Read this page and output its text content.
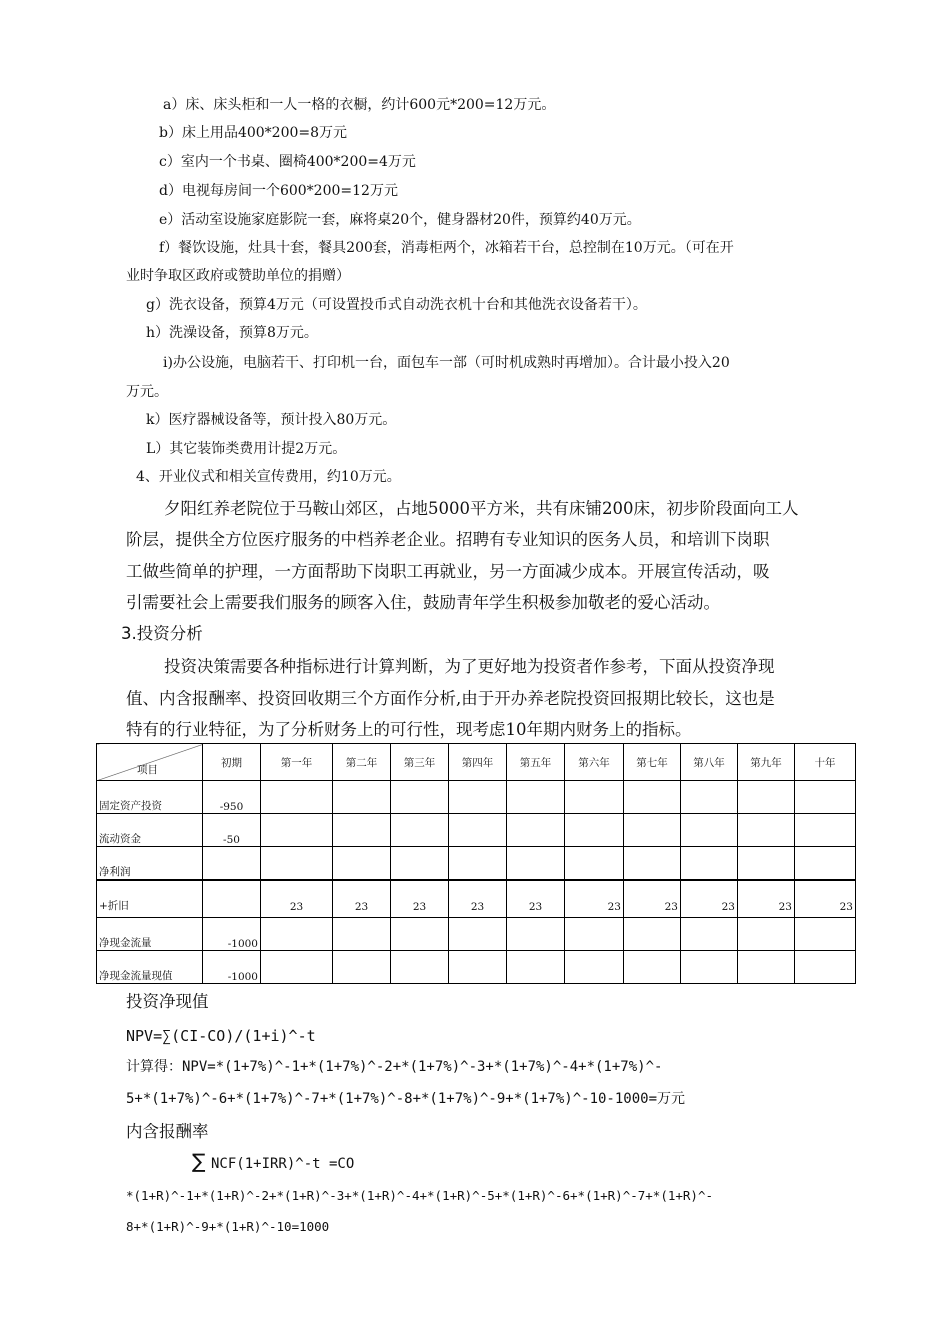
a）床、床头柜和一人一格的衣橱，约计600元*200=12万元。
b）床上用品400*200=8万元
c）室内一个书桌、圈椅400*200=4万元
d）电视每房间一个600*200=12万元
e）活动室设施家庭影院一套，麻将桌20个，健身器材20件，预算约40万元。
f）餐饮设施，灶具十套，餐具200套，消毒柜两个，冰箱若干台，总控制在10万元。（可在开
业时争取区政府或赞助单位的捐赠）
g）洗衣设备，预算4万元（可设置投币式自动洗衣机十台和其他洗衣设备若干）。
h）洗澡设备，预算8万元。
i)办公设施，电脑若干、打印机一台，面包车一部（可时机成熟时再增加）。合计最小投入20
万元。
k）医疗器械设备等，预计投入80万元。
L）其它装饰类费用计提2万元。
4、开业仪式和相关宣传费用，约10万元。
夕阳红养老院位于马鞍山郊区，占地5000平方米，共有床铺200床，初步阶段面向工人
阶层，提供全方位医疗服务的中档养老企业。招聘有专业知识的医务人员，和培训下岗职
工做些简单的护理，一方面帮助下岗职工再就业，另一方面减少成本。开展宣传活动，吸
引需要社会上需要我们服务的顾客入住，鼓励青年学生积极参加敬老的爱心活动。
3.投资分析
投资决策需要各种指标进行计算判断，为了更好地为投资者作参考，下面从投资净现
值、内含报酬率、投资回收期三个方面作分析,由于开办养老院投资回报期比较长，这也是
特有的行业特征，为了分析财务上的可行性，现考虑10年期内财务上的指标。
项目	初期	第一年	第二年	第三年	第四年	第五年	第六年	第七年	第八年	第九年	十年
固定资产投资	-950										
流动资金	-50										
净利润											
+折旧		23	23	23	23	23	23	23	23	23	23
净现金流量	-1000										
净现金流量现值	-1000										
投资净现值
NPV=∑(CI-CO)/(1+i)^-t
计算得：NPV=*(1+7%)^-1+*(1+7%)^-2+*(1+7%)^-3+*(1+7%)^-4+*(1+7%)^-
5+*(1+7%)^-6+*(1+7%)^-7+*(1+7%)^-8+*(1+7%)^-9+*(1+7%)^-10-1000=万元
内含报酬率
∑ NCF(1+IRR)^-t =CO
*(1+R)^-1+*(1+R)^-2+*(1+R)^-3+*(1+R)^-4+*(1+R)^-5+*(1+R)^-6+*(1+R)^-7+*(1+R)^-
8+*(1+R)^-9+*(1+R)^-10=1000
